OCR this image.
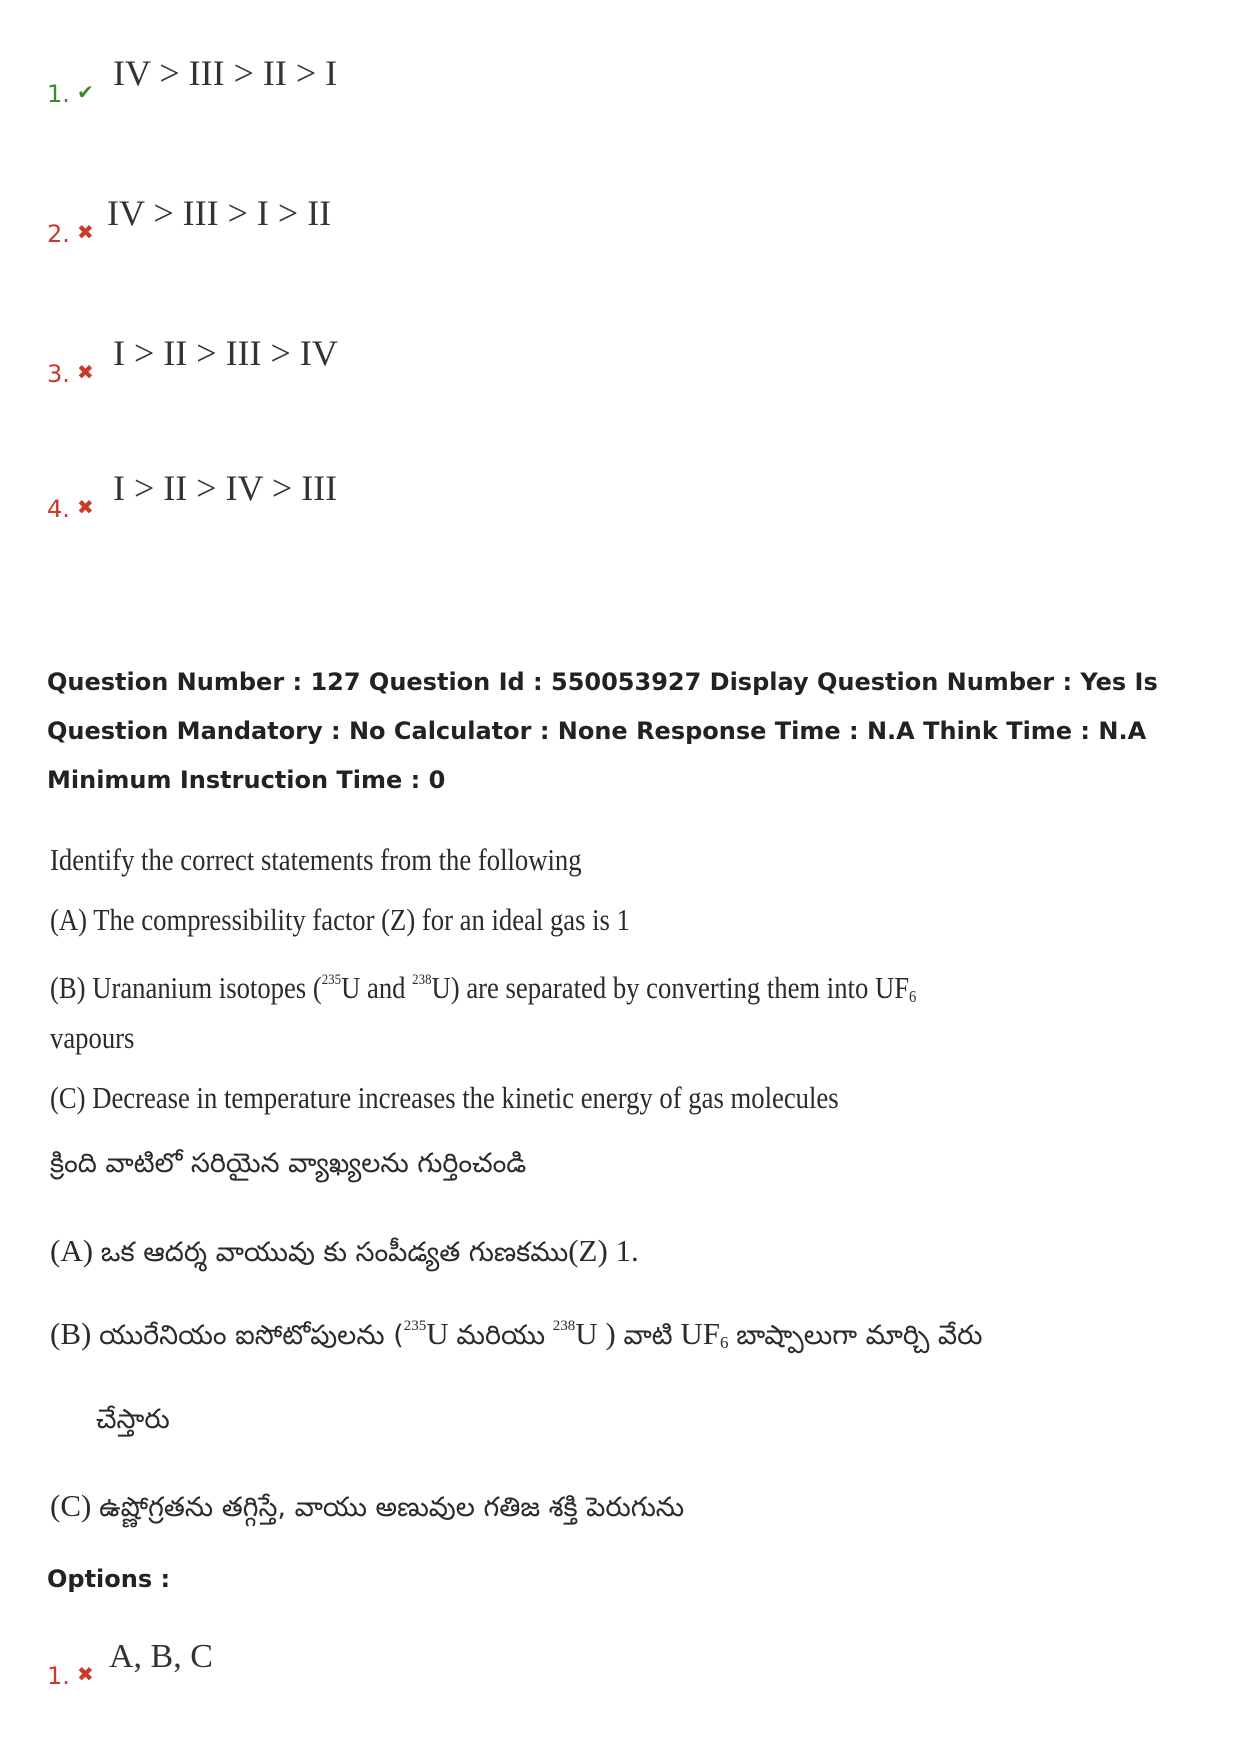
1. ✔ IV > III > II > I
2. ✖ IV > III > I > II
3. ✖ I > II > III > IV
4. ✖ I > II > IV > III
Question Number : 127 Question Id : 550053927 Display Question Number : Yes Is Question Mandatory : No Calculator : None Response Time : N.A Think Time : N.A Minimum Instruction Time : 0
Identify the correct statements from the following
(A) The compressibility factor (Z) for an ideal gas is 1
(B) Urananium isotopes ($^{235}$U and $^{238}$U) are separated by converting them into $UF_6$
vapours
(C) Decrease in temperature increases the kinetic energy of gas molecules
క్రింది వాటిలో సరియైన వ్యాఖ్యలను గుర్తించండి
(A) ఒక ఆదర్శ వాయువు కు సంపీడ్యత గుణకము(Z) 1.
(B) యురేనియం ఐసోటోపులను ($^{235}$U మరియు $^{238}$U ) వాటి $UF_6$ బాష్పాలుగా మార్చి వేరు
చేస్తారు
(C) ఉష్ణోగ్రతను తగ్గిస్తే, వాయు అణువుల గతిజ శక్తి పెరుగును
Options :
1. ✖ A, B, C
